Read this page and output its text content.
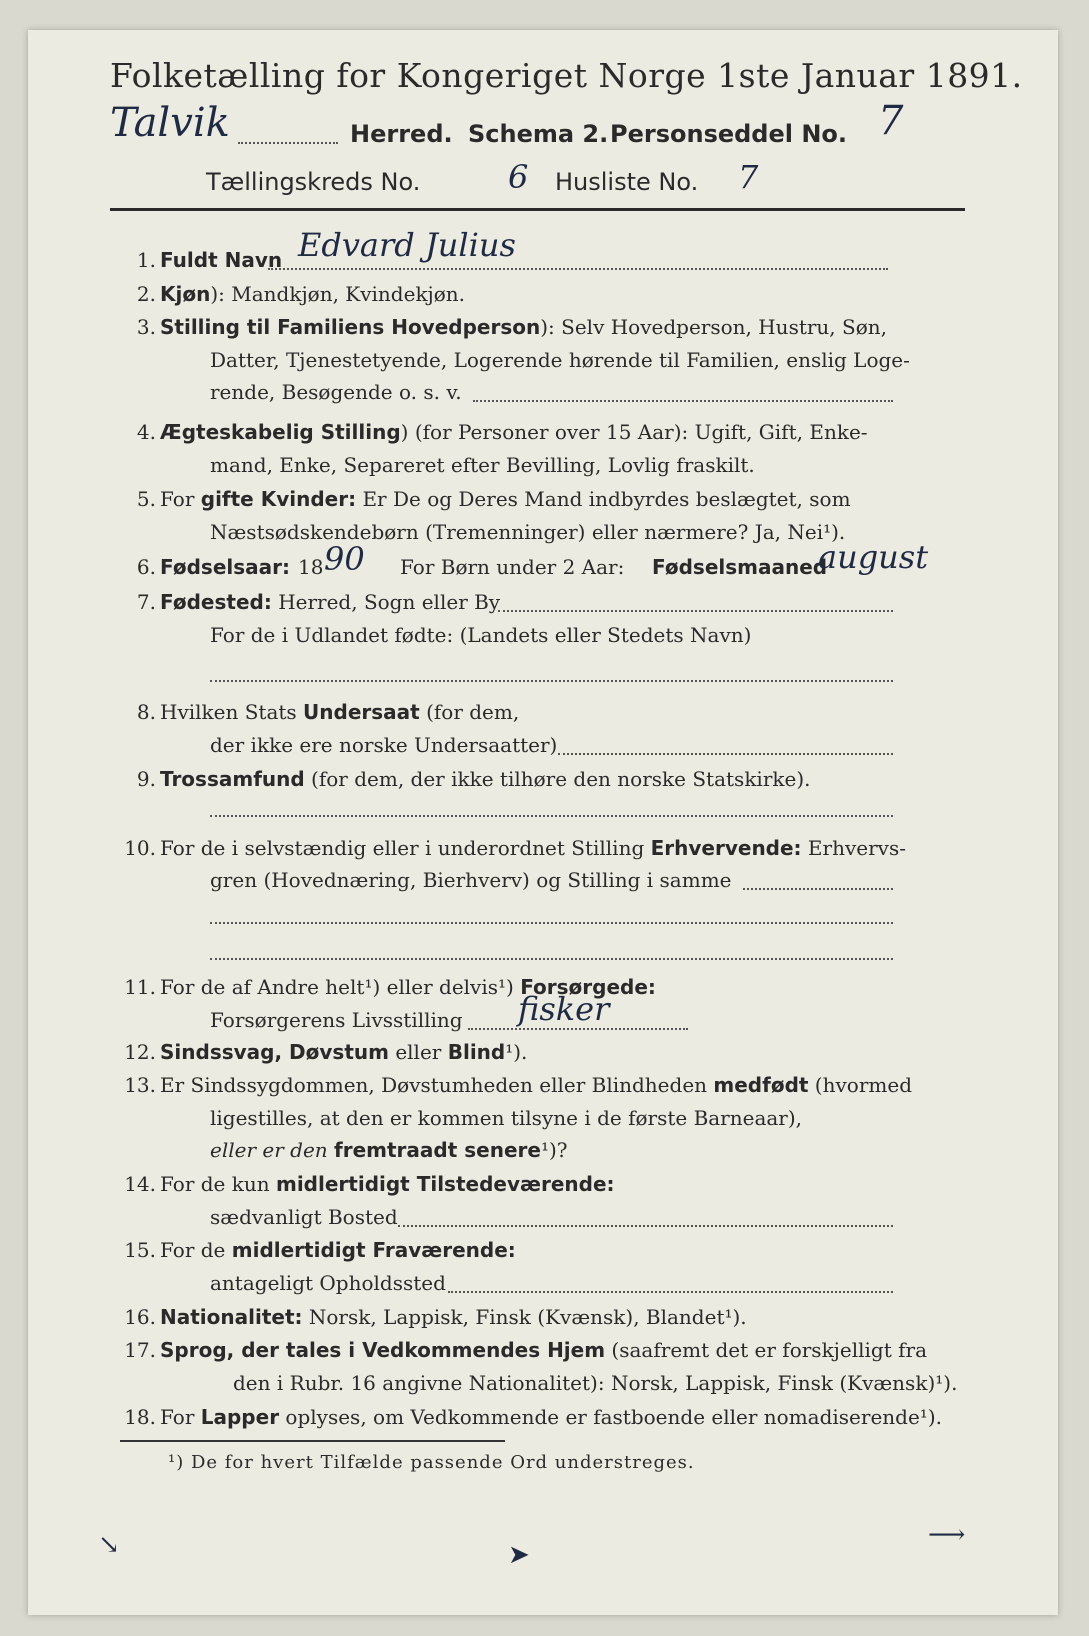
Folketælling for Kongeriget Norge 1ste Januar 1891.
Talvik	Herred. Schema 2. Personseddel No. 7
Tællingskreds No.	6 Husliste No. 7
1. Fuldt Navn Edvard Julius
2. Kjøn): Mandkjøn, Kvindekjøn.
3. Stilling til Familiens Hovedperson): Selv Hovedperson, Hustru, Søn,
Datter, Tjenestetyende, Logerende hørende til Familien, enslig Loge-
rende, Besøgende o. s. v.
4. Ægteskabelig Stilling) (for Personer over 15 Aar): Ugift, Gift, Enke-
mand, Enke, Separeret efter Bevilling, Lovlig fraskilt.
5. For gifte Kvinder: Er De og Deres Mand indbyrdes beslægtet, som
Næstsødskendebørn (Tremenninger) eller nærmere? Ja, Nei¹).
6. Fødselsaar: 18 90 For Børn under 2 Aar: Fødselsmaaned
august
7. Fødested: Herred, Sogn eller By
For de i Udlandet fødte: (Landets eller Stedets Navn)
8. Hvilken Stats Undersaat (for dem,
der ikke ere norske Undersaatter)
9. Trossamfund (for dem, der ikke tilhøre den norske Statskirke).
10. For de i selvstændig eller i underordnet Stilling Erhvervende: Erhvervs-
gren (Hovednæring, Bierhverv) og Stilling i samme
11. For de af Andre helt¹) eller delvis¹) Forsørgede:
Forsørgerens Livsstilling fisker
12. Sindssvag, Døvstum eller Blind¹).
13. Er Sindssygdommen, Døvstumheden eller Blindheden medfødt (hvormed
ligestilles, at den er kommen tilsyne i de første Barneaar),
eller er den fremtraadt senere¹)?
14. For de kun midlertidigt Tilstedeværende:
sædvanligt Bosted
15. For de midlertidigt Fraværende:
antageligt Opholdssted
16. Nationalitet: Norsk, Lappisk, Finsk (Kvænsk), Blandet¹).
17. Sprog, der tales i Vedkommendes Hjem (saafremt det er forskjelligt fra
den i Rubr. 16 angivne Nationalitet): Norsk, Lappisk, Finsk (Kvænsk)¹).
18. For Lapper oplyses, om Vedkommende er fastboende eller nomadiserende¹).
¹) De for hvert Tilfælde passende Ord understreges.
↘	➤
⟶
